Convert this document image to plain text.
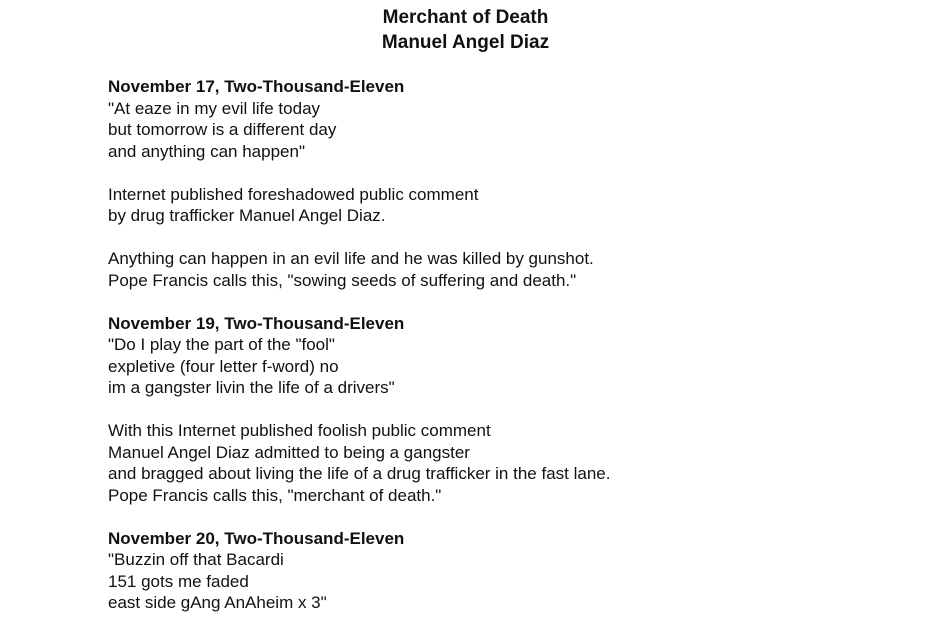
Merchant of Death
Manuel Angel Diaz
November 17, Two-Thousand-Eleven
"At eaze in my evil life today
but tomorrow is a different day
and anything can happen"
Internet published foreshadowed public comment
by drug trafficker Manuel Angel Diaz.
Anything can happen in an evil life and he was killed by gunshot.
Pope Francis calls this, "sowing seeds of suffering and death."
November 19, Two-Thousand-Eleven
"Do I play the part of the "fool"
expletive (four letter f-word) no
im a gangster livin the life of a drivers"
With this Internet published foolish public comment
Manuel Angel Diaz admitted to being a gangster
and bragged about living the life of a drug trafficker in the fast lane.
Pope Francis calls this, "merchant of death."
November 20, Two-Thousand-Eleven
"Buzzin off that Bacardi
151 gots me faded
east side gAng AnAheim x 3"
